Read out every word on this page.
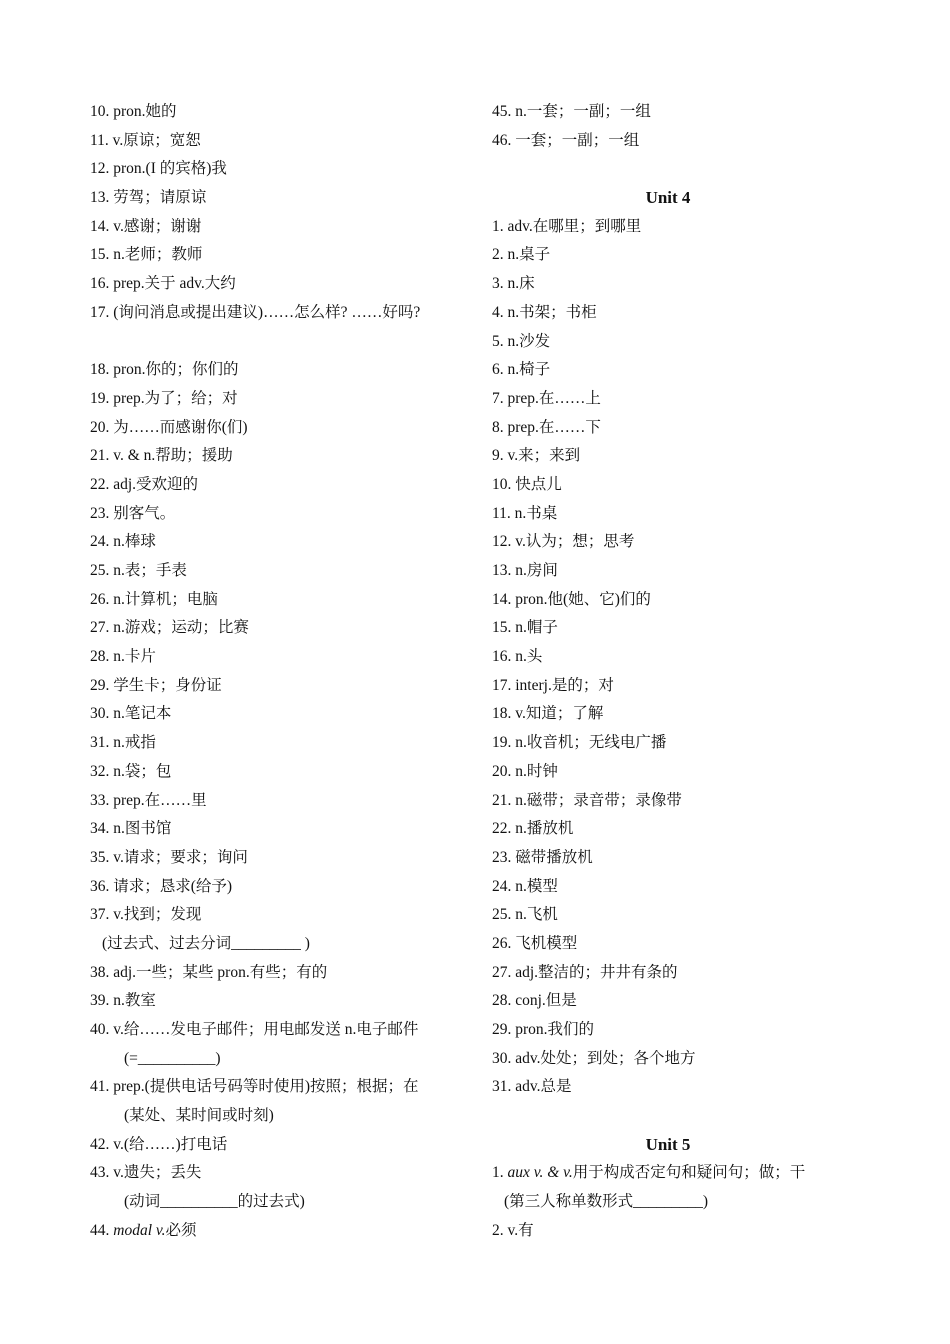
10. pron.她的
11. v.原谅；宽恕
12. pron.(I 的宾格)我
13. 劳驾；请原谅
14. v.感谢；谢谢
15. n.老师；教师
16. prep.关于 adv.大约
17. (询问消息或提出建议)……怎么样? ……好吗?
18. pron.你的；你们的
19. prep.为了；给；对
20. 为……而感谢你(们)
21. v. & n.帮助；援助
22. adj.受欢迎的
23. 别客气。
24. n.棒球
25. n.表；手表
26. n.计算机；电脑
27. n.游戏；运动；比赛
28. n.卡片
29. 学生卡；身份证
30. n.笔记本
31. n.戒指
32. n.袋；包
33. prep.在……里
34. n.图书馆
35. v.请求；要求；询问
36. 请求；恳求(给予)
37. v.找到；发现
(过去式、过去分词_________ )
38. adj.一些；某些 pron.有些；有的
39. n.教室
40. v.给……发电子邮件；用电邮发送 n.电子邮件
(=__________)
41. prep.(提供电话号码等时使用)按照；根据；在
(某处、某时间或时刻)
42. v.(给……)打电话
43. v.遗失；丢失
(动词__________的过去式)
44. modal v.必须
45. n.一套；一副；一组
46. 一套；一副；一组
Unit 4
1. adv.在哪里；到哪里
2. n.桌子
3. n.床
4. n.书架；书柜
5. n.沙发
6. n.椅子
7. prep.在……上
8. prep.在……下
9. v.来；来到
10. 快点儿
11. n.书桌
12. v.认为；想；思考
13. n.房间
14. pron.他(她、它)们的
15. n.帽子
16. n.头
17. interj.是的；对
18. v.知道；了解
19. n.收音机；无线电广播
20. n.时钟
21. n.磁带；录音带；录像带
22. n.播放机
23. 磁带播放机
24. n.模型
25. n.飞机
26. 飞机模型
27. adj.整洁的；井井有条的
28. conj.但是
29. pron.我们的
30. adv.处处；到处；各个地方
31. adv.总是
Unit 5
1. aux v. & v.用于构成否定句和疑问句；做；干
(第三人称单数形式_________)
2. v.有
